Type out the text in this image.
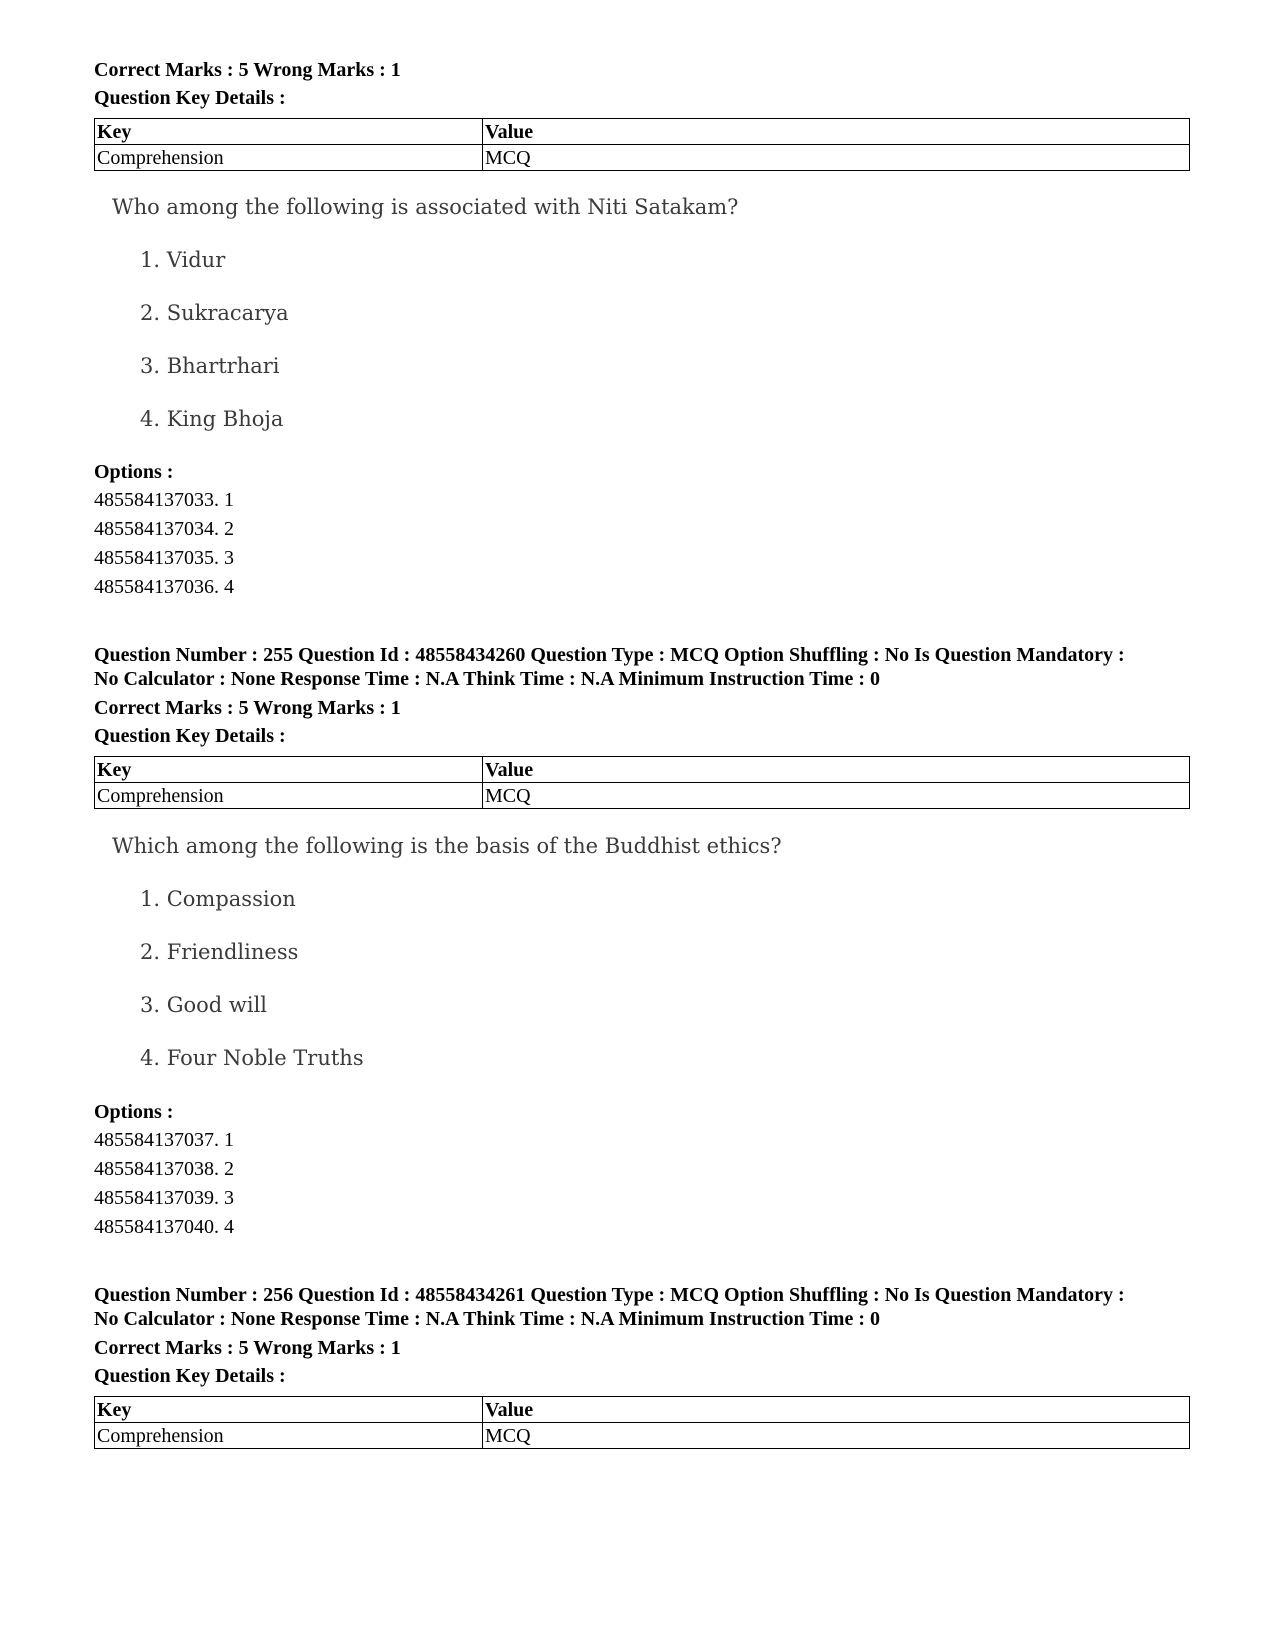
Correct Marks : 5 Wrong Marks : 1
Question Key Details :
Key	Value
Comprehension	MCQ
Who among the following is associated with Niti Satakam?
1. Vidur
2. Sukracarya
3. Bhartrhari
4. King Bhoja
Options :
485584137033. 1
485584137034. 2
485584137035. 3
485584137036. 4
Question Number : 255 Question Id : 48558434260 Question Type : MCQ Option Shuffling : No Is Question Mandatory :
No Calculator : None Response Time : N.A Think Time : N.A Minimum Instruction Time : 0
Correct Marks : 5 Wrong Marks : 1
Question Key Details :
Key	Value
Comprehension	MCQ
Which among the following is the basis of the Buddhist ethics?
1. Compassion
2. Friendliness
3. Good will
4. Four Noble Truths
Options :
485584137037. 1
485584137038. 2
485584137039. 3
485584137040. 4
Question Number : 256 Question Id : 48558434261 Question Type : MCQ Option Shuffling : No Is Question Mandatory :
No Calculator : None Response Time : N.A Think Time : N.A Minimum Instruction Time : 0
Correct Marks : 5 Wrong Marks : 1
Question Key Details :
Key	Value
Comprehension	MCQ
